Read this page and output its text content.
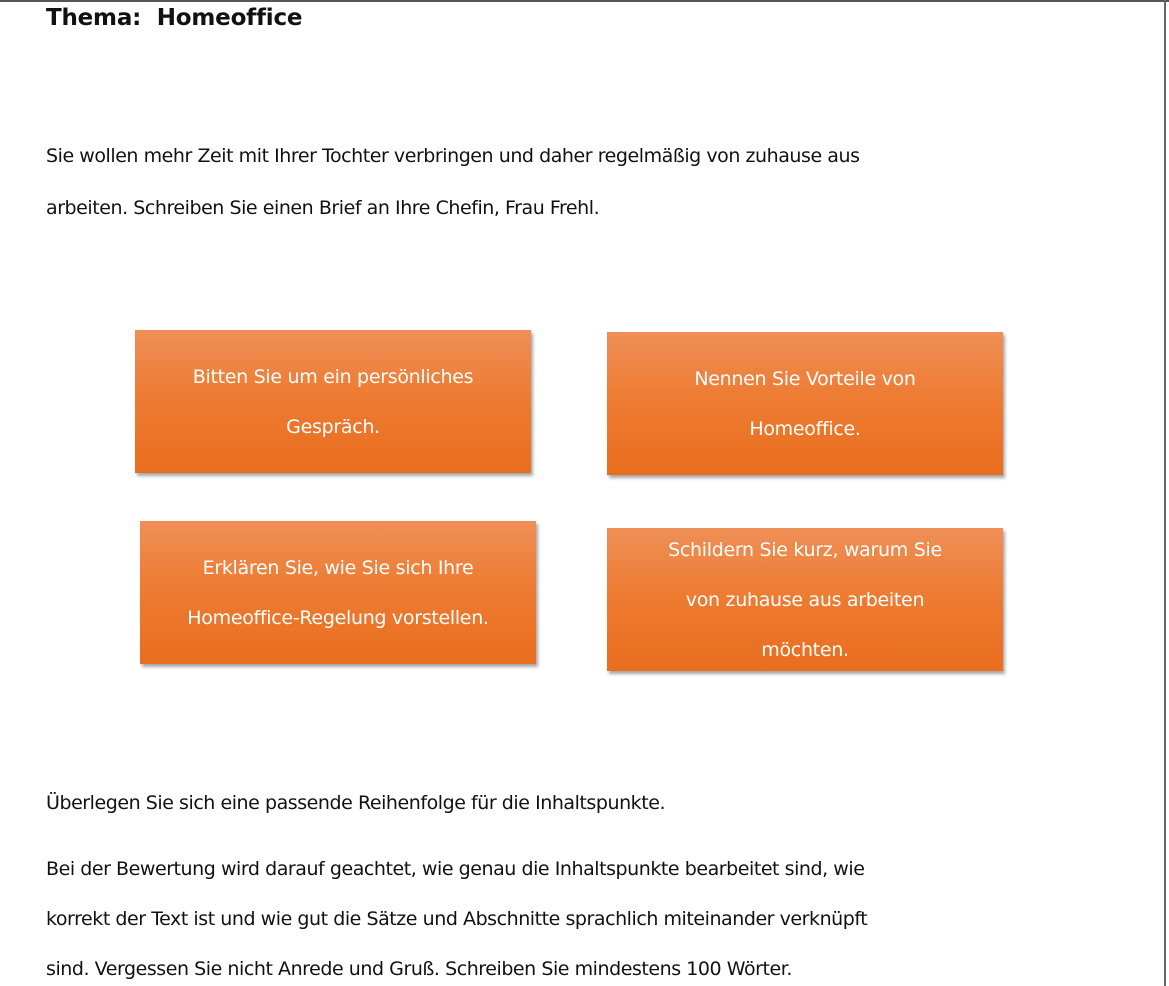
Thema:  Homeoffice
Sie wollen mehr Zeit mit Ihrer Tochter verbringen und daher regelmäßig von zuhause aus
arbeiten. Schreiben Sie einen Brief an Ihre Chefin, Frau Frehl.
Bitten Sie um ein persönliches
Gespräch.
Nennen Sie Vorteile von
Homeoffice.
Erklären Sie, wie Sie sich Ihre
Homeoffice-Regelung vorstellen.
Schildern Sie kurz, warum Sie
von zuhause aus arbeiten
möchten.
Überlegen Sie sich eine passende Reihenfolge für die Inhaltspunkte.
Bei der Bewertung wird darauf geachtet, wie genau die Inhaltspunkte bearbeitet sind, wie
korrekt der Text ist und wie gut die Sätze und Abschnitte sprachlich miteinander verknüpft
sind. Vergessen Sie nicht Anrede und Gruß. Schreiben Sie mindestens 100 Wörter.
